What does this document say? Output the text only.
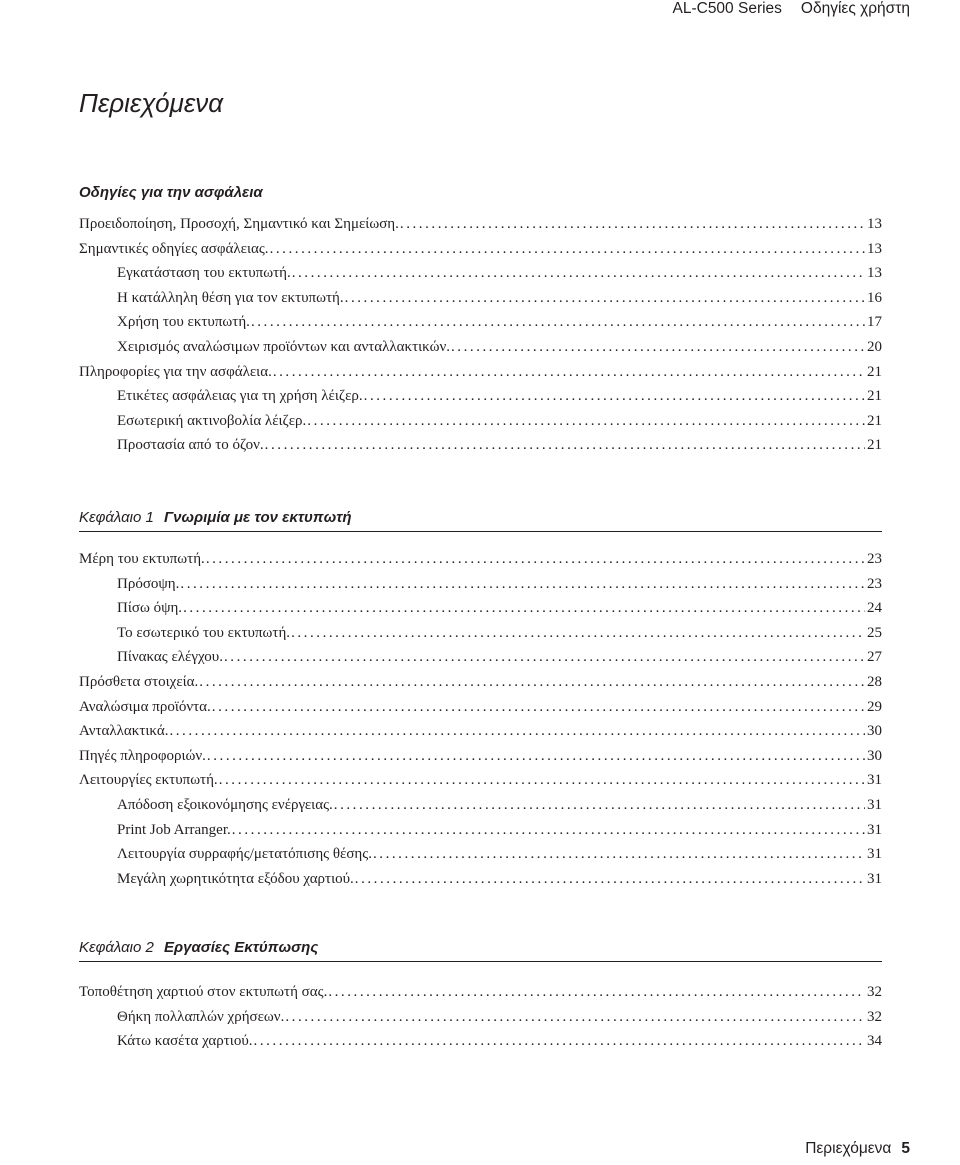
AL-C500 Series Οδηγίες χρήστη
Περιεχόμενα
Οδηγίες για την ασφάλεια
Προειδοποίηση, Προσοχή, Σημαντικό και Σημείωση. . . .	13
Σημαντικές οδηγίες ασφάλειας. . . .	13
Εγκατάσταση του εκτυπωτή. . . .	13
Η κατάλληλη θέση για τον εκτυπωτή. . . .	16
Χρήση του εκτυπωτή. . . .	17
Χειρισμός αναλώσιμων προϊόντων και ανταλλακτικών. . . .	20
Πληροφορίες για την ασφάλεια. . . .	21
Ετικέτες ασφάλειας για τη χρήση λέιζερ. . . .	21
Εσωτερική ακτινοβολία λέιζερ. . . .	21
Προστασία από το όζον. . . .	21
Κεφάλαιο 1 Γνωριμία με τον εκτυπωτή
Μέρη του εκτυπωτή. . . .	23
Πρόσοψη. . . .	23
Πίσω όψη. . . .	24
Το εσωτερικό του εκτυπωτή. . . .	25
Πίνακας ελέγχου. . . .	27
Πρόσθετα στοιχεία. . . .	28
Αναλώσιμα προϊόντα. . . .	29
Ανταλλακτικά. . . .	30
Πηγές πληροφοριών. . . .	30
Λειτουργίες εκτυπωτή. . . .	31
Απόδοση εξοικονόμησης ενέργειας. . . .	31
Print Job Arranger. . . .	31
Λειτουργία συρραφής/μετατόπισης θέσης. . . .	31
Μεγάλη χωρητικότητα εξόδου χαρτιού. . . .	31
Κεφάλαιο 2 Εργασίες Εκτύπωσης
Τοποθέτηση χαρτιού στον εκτυπωτή σας. . . .	32
Θήκη πολλαπλών χρήσεων. . . .	32
Κάτω κασέτα χαρτιού. . . .	34
Περιεχόμενα 5
